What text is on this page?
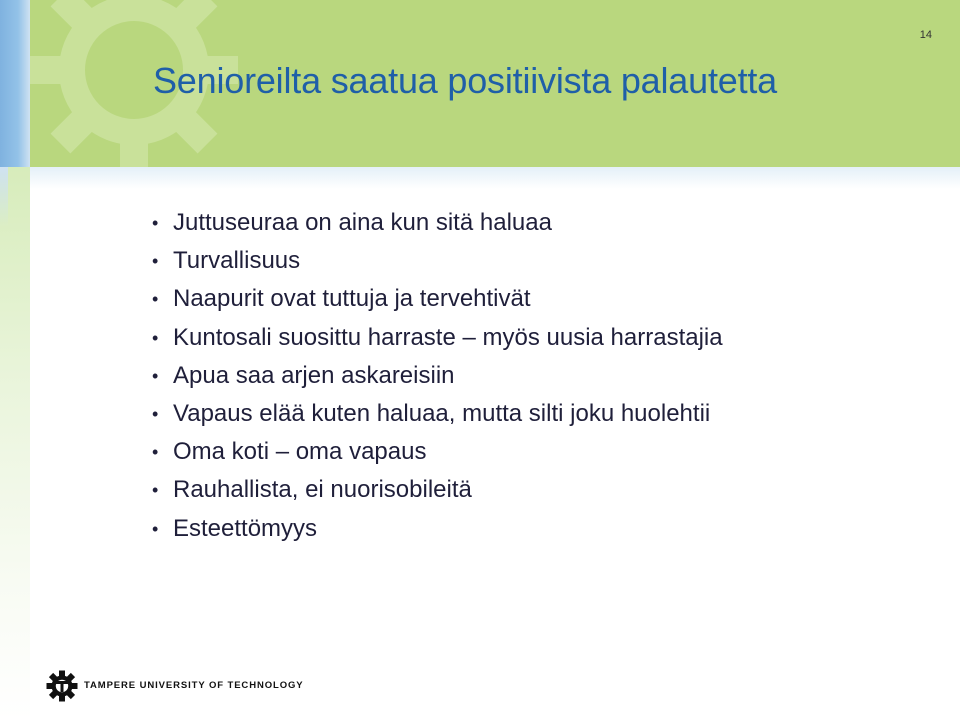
14
Senioreilta saatua positiivista palautetta
• Juttuseuraa on aina kun sitä haluaa
• Turvallisuus
• Naapurit ovat tuttuja ja tervehtivät
• Kuntosali suosittu harraste – myös uusia harrastajia
• Apua saa arjen askareisiin
• Vapaus elää kuten haluaa, mutta silti joku huolehtii
• Oma koti – oma vapaus
• Rauhallista, ei nuorisobileitä
• Esteettömyys
TAMPERE UNIVERSITY OF TECHNOLOGY
